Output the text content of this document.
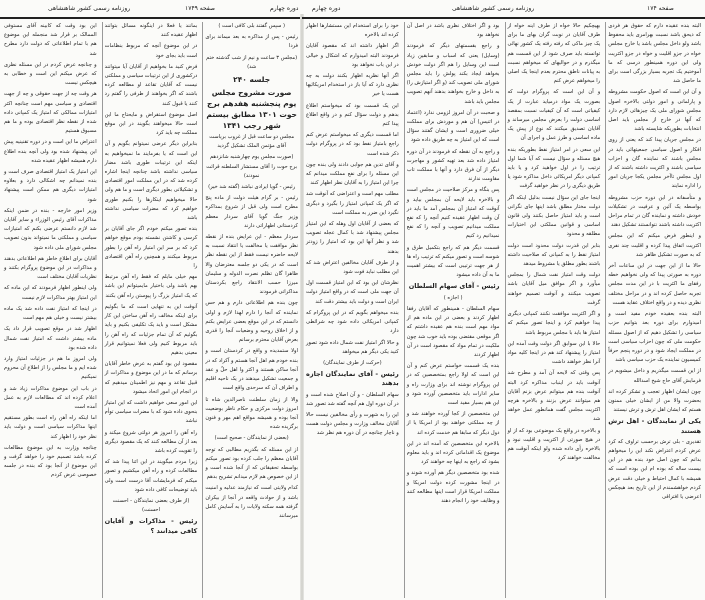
روزنامه رسمی کشور شاهنشاهی	صفحه ۱۷۴۹	دوره چهارم

( سپس گفتند بلی کافی است )

رئیس - پس از مذاکره به بعد میماند برای فردا

(مجلس ۳ ساعت و نیم از شب گذشته ختم شد)

جلسه ۲۴۰

صورت مشروح مجلس یوم پنجشنبه هفدهم برج حوت ۱۳۰۱ مطابق بیستم شهر رجب ۱۳۴۱

مجلس دو ساعت قبل از غروب بریاست آقای مؤتمن الملک تشکیل گردید

(صورت مجلس یوم چهارشنبه شانزدهم برج حوت را آقای مستشار السلطنه قرائت نمودند)

رئیس - گویا ایرادی نباشد (گفته شد خیر)

رئیس - بر گرام هیئت دولت از ماده پنج مطرح است ولی قبل از شروع بمذاکره وزیر جنگ گویا آقای سردار معظم کردستانی اظهاراتی دارند

سردار معظم - این عرایض بنده از نقطه نظر موافقت یا مخالفت یا انتقاد نسبت به لایحه حاضره نیست فقط از این نقطه نظر است که در یکی دو جلسه معترضان والا ظاهرا گان تظلم نصرت الدوله و سلیمان میرزا حسب الانتقاد راجع بکردستان مذاکراتی فرمودند

چون بنده هم اطلاعاتی دارم و هم حس نماینده که آنجا را دارم لهذا لازم و اولی دانستم که در این موقع بعضی عرایض بکنم و از اخلاق روحیه و وضعیات آنجا را قدری بعرض آقایان محترم برسانم

اولا ستمدیده و واقع در کردستان است و بنده خودم هم اهل آنجا هستم و آکراد که در آنجا ساکن هستند و اکثر وا اهل حلّ و عقد و جمعیت تشکیل میدهند در یک ناحیه اقلیم و اطراف آن که سرحدی واقع است

والا از زمان سلطنت ناصرالدین شاه تا امروز دولت مرکزی و حکام ناظر بوضعیت آنجا بوده و همیشه مواقع اهم مهر و فنون برگزیده شده

(بعضی از نمایندگان - صحیح است)

از این مسئله که بگذریم مطالبی که توجه آقایان معظم را جلب کرده بود تصور میکنم بواسطه تحقیقاتی که از آنجا شده است و از این خصوص هم لازم میدانم تشریح بدهم

کدام ولایتی است که نیازمند عدلیه و امنیت باشد و از حوادث واقعه در آنجا از بیکران گرفته همه سکنه ولایات را به آسایش کامل میرسانند

بمانند یا فعلا در اینگونه مسائل بتوانند اظهار عقیده کنند

در این موضوع آنچه که مربوط بنظامات است باید بجای خود

فرض کنید ما بخواهیم از آقایان آیا میتوانند درکشوری از این ترتیبات سیاسی و مملکتی نیست که آقایان تقاعد او مطالعه کرده باشند که اگر بخواهند از طرفی را گفتم رد کنند یا قبول کنند

اصل موضوع استقراض و مایحتاج ما این است حالا میخواهند بگویند در این موقع مملکت چه باید کرد

بنابراین دیگر عرضی نمیتوانم بگویم و آن این است که یا بفرمایند ما نمیخواهیم به اینکه این ترتیبات طوری باشد مضار سیاسی نداشته باشد چنانچه اینجا اشاره کرده شد که در این مملکت امور اقتصادی و تشکیلاتی بطور دیگری است و ما هم ولی حالا میخواهیم اینکارها را بکنیم طوری خواهیم کرد که مضرات سیاسی نداشته باشد

بنده تصور میکنم خودم اگر جای آقایان بر کرسی و کاشتن نشسته بودم موقع خواهم کرد که بر سر این امتیاز راه آهن را بطور مربوط میکنند و همچنین راه آهن اقتصادی را

مهم خیلی مایلم که فقط راه آهن مرتبط بهم باشد ولی باختیار مایمیتوانم این باشد که یک امتیاز بزرگ را پیوستن راه آهن بکنند

آنوقت این به تنهایی است که ما بگوئیم برای اینکه مخالف راه آهن ساختن این کار مشکل است و باید یک تکلیفی بکنیم و باید بگوئیم که آن تمام جزئیات که راه آهن را باید مربوط کنیم ولی فعلا نمیتوانیم قرار معینی بدهیم

مقصود این بود گفتم به عرض خاطر آقایان برسانم که ما در این موضوع و مذاکرات از قبیل تقاعد و مهم نیز اطمینان میدهیم که در انجام این امور اتحاد میشود

این امور سعی خواهیم داشت که این امتیاز بنحوی داده شود که با مضرات سیاسی توأم نباشد

راه آهن را امروز هر دولتی شروع میکند و بعد از آن مطالعه کنند که یک مقصود دیگری را تقویت کرده باشد

زیرا مردم میگویند در این اثنا پیدا شد که مطالعات کرده و راه آهن میکشیم و تصور میکنم که فرمایشات آقا درست است ولی باید توضیحات کافی داده شود

(از طرف بعضی نمایندگان - احسنت احسنت)

رئیس - مذاکرات و آقایان کافی میدانند ؟

این بود وقت که کابینه آقای مستوفی الممالک بر قرار شد منجمله این موضوع هم با تمام اطلاعاتی که دولت دارد مطرح شد

و چنانچه عرض کردم در این مسئله نظری که عرض میکنم این است و خطابی به هیچکس نیست

هر وقت چه از جهت حقوقی و چه از جهت اقتصادی و سیاسی مهم است چنانچه اکثر امتیازات ممالکی که امتیاز یک کمپانی داده شده از نقطه نظر اقتصادی بوده و ما هم مسبوق هستیم

اعتراض ما این است و در دوره تقنینیه پیش این پیشنهاد شده بود ولی آنچه بنده اطلاع دارم همیشه اظهار عقیده شده

این امتیاز یک امتیاز اقتصادی صرف است و بنده نمیدانم چه اشکالی دارد و بعلاوه امتیازات دیگری هم ممکن است پیشنهاد شود

وزیر امور خارجه - بنده در ضمن اینکه مذاکرات آقای رئیس الوزراء و سایر آقایان شد لازم دانستم عرضی بکنم که امتیازات سیاسی و مملکتی ما نمیتواند بدون تصویب مجلس شورای ملی داده شود

آقایان برای اطلاع خاطر هم اطلاعاتی بدهند و مذاکرات در این موضوع پروگرام بکنند و نظریات آقایان مختلف است

ولی اینطور اظهار فرمودند که این ماده که این امتیاز بهتر مذاکرات لازم نیست

در اینجا که امتیاز نفت داده شد یک ماده بیشتر نیست و خیلی هم مهم است

اظهار شد در موقع تصویب قرار داد یک ماده بیشتر داشت که امتیاز نفت شمال داده شده بود

ولی امروز ما هم در جزئیات امتیاز وارد شده ایم و ما مجلس را از اطلاع آن محروم نمیکنیم

در باب این موضوع مذاکرات زیاد شد و اعلام کرده اند که مطالعات لازم به عمل آمده است

اما اینکه راه آهن راه است بطور مستقیم اینها مذاکرات سیاسی است و دولت باید نظر خود را اظهار کند

چنانچه وزارت به این موضوع مطالعات کرده باشد تصمیم خود را خواهد گرفت و این موضوع از آنجا بود که بنده در جلسه خصوصی عرض کردم

دوره چهارم	روزنامه رسمی کشور شاهنشاهی	صفحه ۱۷۴

البته بنده عقیده دارم که حقوق هر فردی که ذیحق باشد نسبت بهرامری باید محفوظ باشد ولو داخل مجلس باشد یا خارج مجلس خواه در جزو اقلیت و خواه در جزو اکثریت ولی این دوره همینطور درسی که ما آموختیم یک تجربه بسیار بزرگی است برای ما حاصل شد

و آن این است که اصول حکومت مشروطه و پارلمانی و امور دولتی بالاخره اصول مجلس شورای ملی یک چیزهائی لازم دارد که آنها در خارج از مجلس باید اصل انتخابات بطوریکه شایسته باشد

در مجلس جریان پیدا کند که یعنی از روی افکار و اصول سیاسی جمعیتهائی باید در مجلس باشند که نماینده گان و احزاب سیاسی باشند و اکثریت داشته باشند که از اول مجلس تاآخر مجلس یکجا جریان امور را اداره نمایند

و متأسفانه در این دوره حزب مشروطه بواسطه یک آئین و عرفیت در تشکیلات خودش داشته و نماینده گان در تمام مراحل اکثریت داشته باشند نتوانستند تشکیل دهند

و اینطور فرض میکنم که این مجلس اکثریت اتفاق پیدا کرده و اقلیت چند نفری که به صورت تشکیل ظاهر شد

حالا ما از این جهت در این ساعات آخر دوره به صورتی پیدا که ولی نخواهیم خطه رفقای ما اکثریت با در این مدت مجلس تجربه حاصل کرده اند و در مراحل مختلف نظری دیده و در واقع اختلاف عقاید هست

البته بنده بعقیده خودم مفید است و امیدوارم برای دوره بعد بتوانیم حزب سیاسی را تشکیل دهیم که از اصول مسئله حکومت ملی که چون احزاب سیاسی است در مملکت ایجاد شود و در دوره پنجم حرفاً کمیسیون نماینده یک حزب سیاسی باشد

از این قسمت میگذریم و داخل میشویم در فرمایش آقای حاج شیخ اسدالله

چون ایشان اظهار تعجب و تشکر کرده اند بحضرت والا من از ایشان خیلی ممنون هستم که ایشان اهل ترش و ترش نیستند

یکی از نمایندگان - اهل ترش هستند

تقدیری - بلی ترش برحسب تراوف که کرد عرض کردم اعتراض نکند این را میخواهم بدانم که چون اصل خود بنده هم در این بیست ساله که بوده ام این بوده است که همیشه با کمال احتیاط و خیلی دقت عرض کردم خواهشمندم از این تاریخ بعد هیچکس اعرضی یا افتراقی

بهیچکیم حالا خواه از طرف اینه خواه از طرف آقایان در نوبت گران بهای ما برای یک چیز ماکی که رفته رفته یک کشور نهائی توانسته باید صرف شود از این قسمت هم میگذرم و در حوالیهای که میخواهم نسبت به پیانات ناطق محترم بعدم اینجا یک اصلی را میخواهم عرض کنم

و آن این است که پروگرام دولت که بصورت یک مواد درمیاید عبارت از یک کیفیاتی است که آن کیفیات نسبت بمقصد اساسی دولت را بعرض مجلس میرساند و آقایان تصدیق میکنند که نوع از پیش یک ماده اساسی و طرز عمل و اجرای آن

این سعی در امر امتیاز نفط بطوریکه بنده هیچ مسئله و سؤال نیست که آیا شما اول ترتیب را در اول خواهید کرد و یا باید کمپانی دیگر امریکائی داخل مذاکره شود یا طریق دیگری را در نظر خواهید گرفت

اینجا جای این سؤال نیست بدلیل اینکه اگر دولت مختار مطلق باشد اینها جای نگرانی است و باید امتیاز حاصل بکنند ولی قانون اساسی و قوانین مملکتی این اختیارات مطلقه و محدود

بنابر این قدرت دولت محدود است دولت امتیاز نفط را به کمپانی که صلاحیت داشته باشند بطور مطلق یا مشروط میدهد

دولت وقت امتیاز نفت شمال را بمجلس میآورد و اگر موافق میل آقایان باشد تصویب میکنند و آنوقت تصمیم خواهند گرفت

و اگر اکثریت موافقت نکنند کمپانی دیگری پیدا خواهیم کرد و اینجا تصور میکنم که امتیاز ها باید با مجلس مربوط باشد

حالا با این سوابق اگر دولت وقت آمده این امتیاز را پیشنهاد کند هم در اینجا کلیه مواد آنرا نظر خواهند داشت

پس وقتی که لایحه آن آمد و مطرح شد آنوقت باید در اینباب مذاکره کرد البته آنوقت بنده هم میتوانم عرض بزنم آقایان هم میتوانند عرض بزنند و بالاخره هرچه اکثریت مجلس گفت همانطور عمل خواهد شد

و بالاخره در واقع یک موضوعی بود که از او در هیچ صورتی از اکثریت و اقلیت نبود و بالاخره رأی داده شده ولو اینکه آنوقت هم مخالفت خواهند کرد

بود و اگر اختلاف نظری باشد در اصل آن نخواهد بود

و راجع بقسمتهای دیگر که فرمودند (وسایل) یعنی که اسباب و سابقین زیاد است این وسایل را هم اگر دولت خودش بخواهد ایجاد بکند پولش را باید مجلس شورای ملی تصویب کند (و اگر امتیازش را) به داخل و خارج بخواهند بدهند آنهم تصویب مجلس باید باشد

و صحبت در آن امروز لزومی ندارد (اعتماد در اثنیس) آن هم و موردش برای مملکت خیلی ضروری است و ایشان گفتند سؤال است که این امتیاز به چه طریق داده شود

و راجع به آن نقطه که فرمودند در آن دوره امتیاز داده شد بعد تهیه کشور و مهاجرت دیگر از آن فرق دارد و آنها با مملکت تاب مقاومت ندارند

پس بنگاه و مرکز صلاحیت در مجلس است و بالاخره باید لایحه آن بمجلس بیاید و آنوقت که امتیاز آن بمجلس آمد ما باید در آن وقت اظهار عقیده کنیم آنچه را که نفع مملکت میدانیم تصویب و آنچه را که نفع نمیدانیم رد کنیم

قسمت دیگر هم که راجع بتکمیل طرق و شوسه است و تصور میکنم که ترتیب راه ها از هر جهت ترتیبی است که بیشتر اهمیت ما به آن داده میشود

رئیس - آقای سهام السلطان

( اجازه )

سهام السلطان - همینطور که آقایان رفقا اظهار کردند و بعضی در این ماده هم از مواد مهم است بنده هم عقیده داشتم که اگر موقعی مقتضی بوده باید خوب شد چون ملکیت در تمام مواد که مقصود است در آن اظهار کردند

بنده یک قسمت خواستم عرض کنم و آن این است که اولا راجع بمتخصصین که در این پروگرام نوشته اند برای وزارت راه و سایر ادارات باید متخصصین آورده شود و این هم بسیار مفید است

این متخصصین از کجا آورده خواهند شد و از چه مملکتی خواهند بود از امریکا یا از دول دیگر که سابقا هم خدمت کرده اند

بالاخره این متخصصین که آمده اند در این موضوع یک اقداماتی کرده اند و باید معلوم بشود که راجع به اینها چه خواهند کرد

شده بود متخصصین دیگر هم آورده شوند و در اینجا مشورت کرده دولت امریکا و مملکت امریکا قرار است اینها مطالعه کنند و وظایف خود را انجام دهند

خود را برای استخدام این مستشارها اظهار کرده اند بالاخره

اگر اظهار داشته اند که مقصود آقایان فرمودند البته امیدوارم که اشکال و خیالی در این باب نخواهد بود

اگر آنها نظریه اظهار بکنند دولت به چه نظری دارد که آیا باز در استخدام امریکائیها هست یا خیر

این یک قسمت بود که میخواستم اطلاع بدهم و دولت سؤال کنم و در واقع اطلاع پیدا کنم

اما قسمت دیگری که میخواستم عرض کنم راجع بامتیاز نفط بود که در پروگرام دولت ذکر شده است

و آقای تدین هم جوابی دادند ولی بنده چون این مسئله را برای نفع مملکت میدانم که چرا این امتیاز را به آقایان نظر اظهار کنند

مطلب مهم است و اعتراضی که آنوقت شد که اگر یک کمپانی امتیاز را بگیرد و دیگری نگیرد این ضرر به مملکت است

که بعضی از آقایان اول وهله که این امتیاز مجلس پیشنهاد شد با کمال عجله تصویب شد و نظر آنها این بود که امتیاز را زودتر بدهند

و از طرف آقایان مخالفین اعتراض شد که این مطلب نباید فوت شود

نظرشان این بود که این امتیاز قسمت اول آن جهت ملی است که در واقع امتیاز دولت ایران است و دولت باید بیشتر دقت کند

بنده میخواهم بگویم که در این پروگرام که کمپانی امریکائی داده شود چه شرائطی دارد

و حالا اگر امتیاز نفت شمال داده شود تصور کنید یکی دیگر هم میخواهد

(حرکت از طرف نمایندگان)

رئیس - آقای نمایندگان اجازه بدهند

سهام السلطان - و آن اصلاح شده است و در آن دوره اول هم آنچه گفته شد تصور شد

این را به شهرت و رأی مخالفین نیست حالا آقایان مخالف وزارت و مجلس دولت هست و ناچار چنانچه در آن دوره هم نظر شد
